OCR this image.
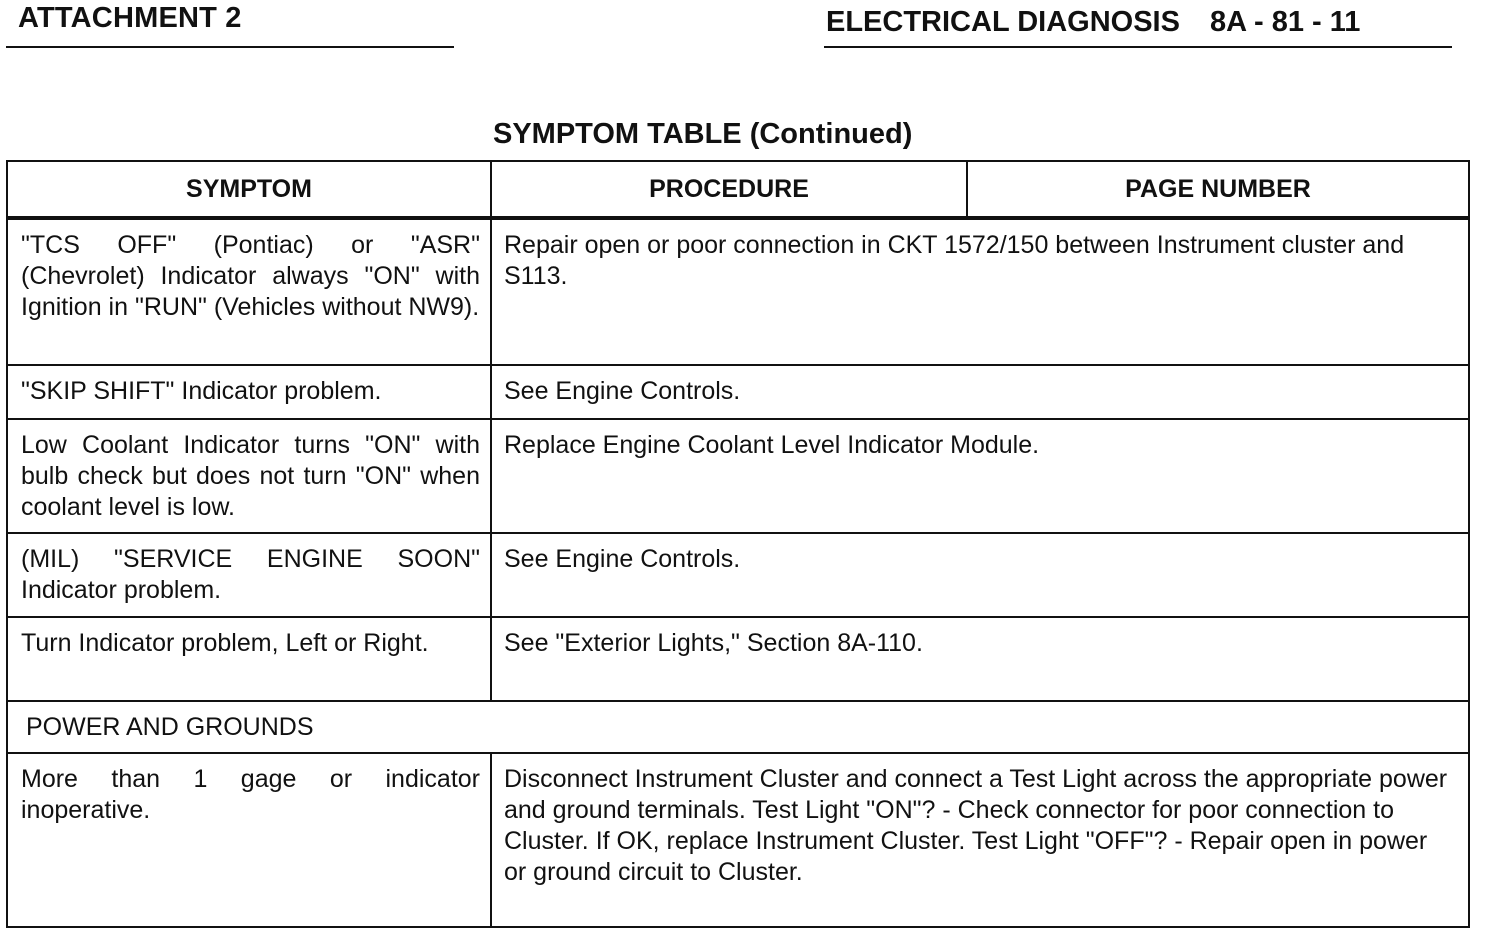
ATTACHMENT 2	ELECTRICAL DIAGNOSIS 8A - 81 - 11
SYMPTOM TABLE (Continued)
SYMPTOM	PROCEDURE	PAGE NUMBER
"TCS OFF" (Pontiac) or "ASR" (Chevrolet) Indicator always "ON" with Ignition in "RUN" (Vehicles without NW9).	Repair open or poor connection in CKT 1572/150 between Instrument cluster and S113.	
"SKIP SHIFT" Indicator problem.	See Engine Controls.	
Low Coolant Indicator turns "ON" with bulb check but does not turn "ON" when coolant level is low.	Replace Engine Coolant Level Indicator Module.	
(MIL) "SERVICE ENGINE SOON" Indicator problem.	See Engine Controls.	
Turn Indicator problem, Left or Right.	See "Exterior Lights," Section 8A-110.	
POWER AND GROUNDS		
More than 1 gage or indicator inoperative.	Disconnect Instrument Cluster and connect a Test Light across the appropriate power and ground terminals. Test Light "ON"? - Check connector for poor connection to Cluster. If OK, replace Instrument Cluster. Test Light "OFF"? - Repair open in power or ground circuit to Cluster.	
